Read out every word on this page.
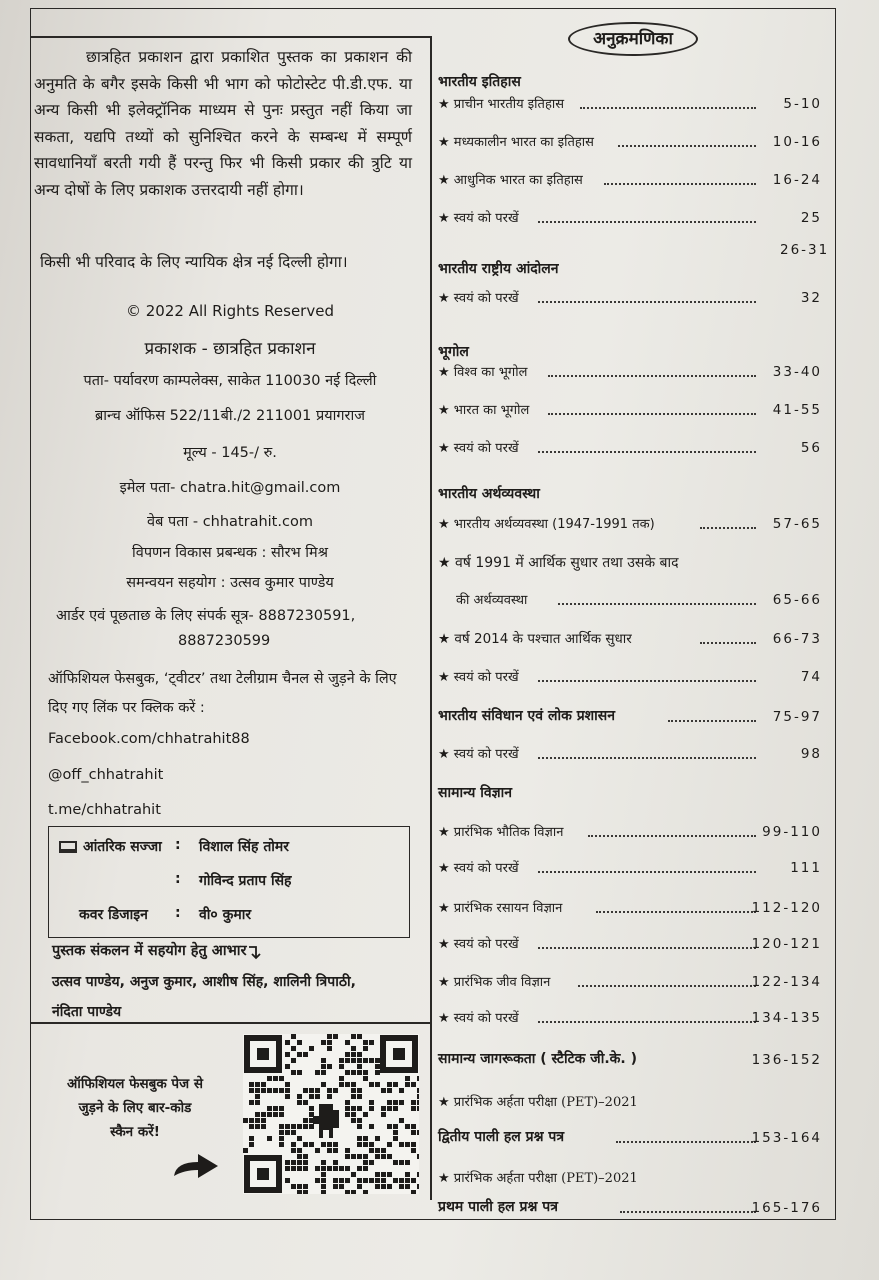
छात्रहित प्रकाशन द्वारा प्रकाशित पुस्तक का प्रकाशन की अनुमति के बगैर इसके किसी भी भाग को फोटोस्टेट पी.डी.एफ. या अन्य किसी भी इलेक्ट्रॉनिक माध्यम से पुनः प्रस्तुत नहीं किया जा सकता, यद्यपि तथ्यों को सुनिश्चित करने के सम्बन्ध में सम्पूर्ण सावधानियाँ बरती गयी हैं परन्तु फिर भी किसी प्रकार की त्रुटि या अन्य दोषों के लिए प्रकाशक उत्तरदायी नहीं होगा।

किसी भी परिवाद के लिए न्यायिक क्षेत्र नई दिल्ली होगा।
© 2022 All Rights Reserved
प्रकाशक - छात्रहित प्रकाशन
पता- पर्यावरण काम्पलेक्स, साकेत 110030 नई दिल्ली
ब्रान्च ऑफिस 522/11बी./2 211001 प्रयागराज
मूल्य - 145-/ रु.
इमेल पता- chatra.hit@gmail.com
वेब पता - chhatrahit.com
विपणन विकास प्रबन्धक : सौरभ मिश्र
समन्वयन सहयोग : उत्सव कुमार पाण्डेय
आर्डर एवं पूछताछ के लिए संपर्क सूत्र- 8887230591,
8887230599
ऑफिशियल फेसबुक, ‘ट्वीटर’ तथा टेलीग्राम चैनल से जुड़ने के लिए दिए गए लिंक पर क्लिक करें :
Facebook.com/chhatrahit88
@off_chhatrahit
t.me/chhatrahit
आंतरिक सज्जा : विशाल सिंह तोमर
: गोविन्द प्रताप सिंह
कवर डिजाइन : वी० कुमार
पुस्तक संकलन में सहयोग हेतु आभार
उत्सव पाण्डेय, अनुज कुमार, आशीष सिंह, शालिनी त्रिपाठी,
नंदिता पाण्डेय
ऑफिशियल फेसबुक पेज से
जुड़ने के लिए बार-कोड
स्कैन करें!
अनुक्रमणिका
भारतीय इतिहास
★ प्राचीन भारतीय इतिहास	5-10
★ मध्यकालीन भारत का इतिहास	10-16
★ आधुनिक भारत का इतिहास	16-24
★ स्वयं को परखें	25
26-31
भारतीय राष्ट्रीय आंदोलन
★ स्वयं को परखें	32
भूगोल
★ विश्व का भूगोल	33-40
★ भारत का भूगोल	41-55
★ स्वयं को परखें	56
भारतीय अर्थव्यवस्था
★ भारतीय अर्थव्यवस्था (1947-1991 तक)	57-65
★ वर्ष 1991 में आर्थिक सुधार तथा उसके बाद
की अर्थव्यवस्था	65-66
★ वर्ष 2014 के पश्चात आर्थिक सुधार	66-73
★ स्वयं को परखें	74
भारतीय संविधान एवं लोक प्रशासन	75-97
★ स्वयं को परखें	98
सामान्य विज्ञान
★ प्रारंभिक भौतिक विज्ञान	99-110
★ स्वयं को परखें	111
★ प्रारंभिक रसायन विज्ञान	112-120
★ स्वयं को परखें	120-121
★ प्रारंभिक जीव विज्ञान	122-134
★ स्वयं को परखें	134-135
सामान्य जागरूकता ( स्टैटिक जी.के. )	136-152
★ प्रारंभिक अर्हता परीक्षा (PET)–2021
द्वितीय पाली हल प्रश्न पत्र	153-164
★ प्रारंभिक अर्हता परीक्षा (PET)–2021
प्रथम पाली हल प्रश्न पत्र	165-176
